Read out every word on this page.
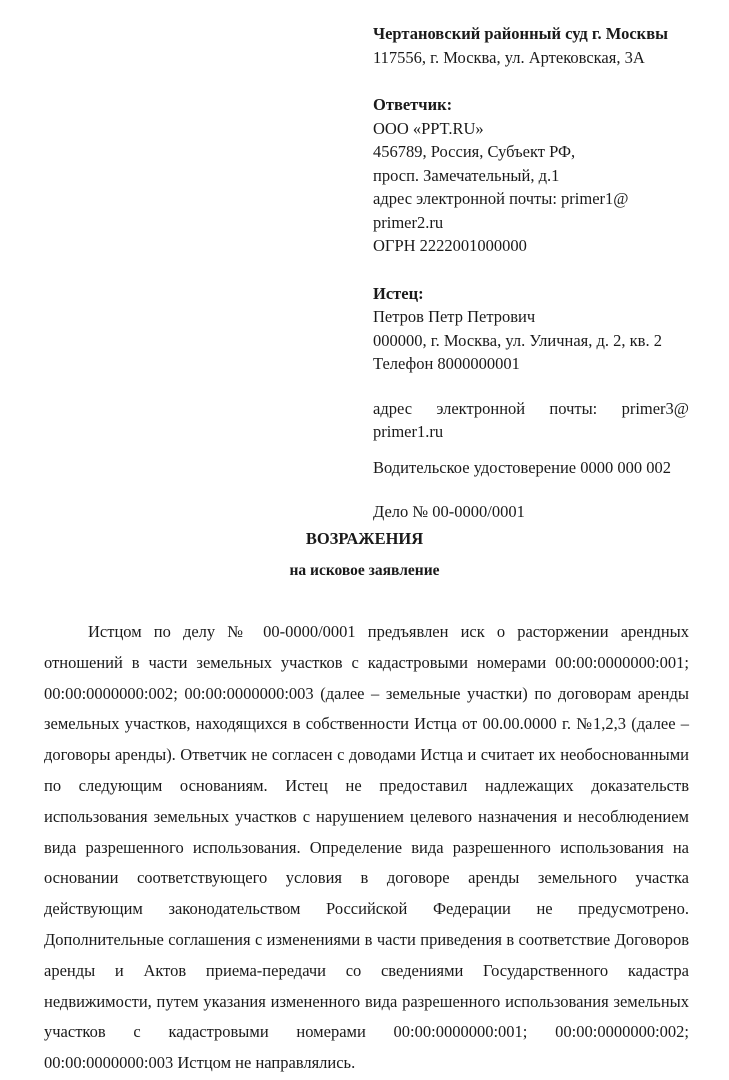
Чертановский районный суд г. Москвы
117556, г. Москва, ул. Артековская, 3А
Ответчик:
ООО «PPT.RU»
456789, Россия, Субъект РФ,
просп. Замечательный, д.1
адрес электронной почты: primer1@
primer2.ru
ОГРН 2222001000000
Истец:
Петров Петр Петрович
000000, г. Москва, ул. Уличная, д. 2, кв. 2
Телефон 8000000001
адрес электронной почты: primer3@
primer1.ru
Водительское удостоверение 0000 000 002
Дело № 00-0000/0001
ВОЗРАЖЕНИЯ
на исковое заявление

Истцом по делу № 00-0000/0001 предъявлен иск о расторжении арендных отношений в части земельных участков с кадастровыми номерами 00:00:0000000:001; 00:00:0000000:002; 00:00:0000000:003 (далее – земельные участки) по договорам аренды земельных участков, находящихся в собственности Истца от 00.00.0000 г. №1,2,3 (далее – договоры аренды). Ответчик не согласен с доводами Истца и считает их необоснованными по следующим основаниям. Истец не предоставил надлежащих доказательств использования земельных участков с нарушением целевого назначения и несоблюдением вида разрешенного использования. Определение вида разрешенного использования на основании соответствующего условия в договоре аренды земельного участка действующим законодательством Российской Федерации не предусмотрено. Дополнительные соглашения с изменениями в части приведения в соответствие Договоров аренды и Актов приема-передачи со сведениями Государственного кадастра недвижимости, путем указания измененного вида разрешенного использования земельных участков с кадастровыми номерами 00:00:0000000:001; 00:00:0000000:002; 00:00:0000000:003 Истцом не направлялись.
